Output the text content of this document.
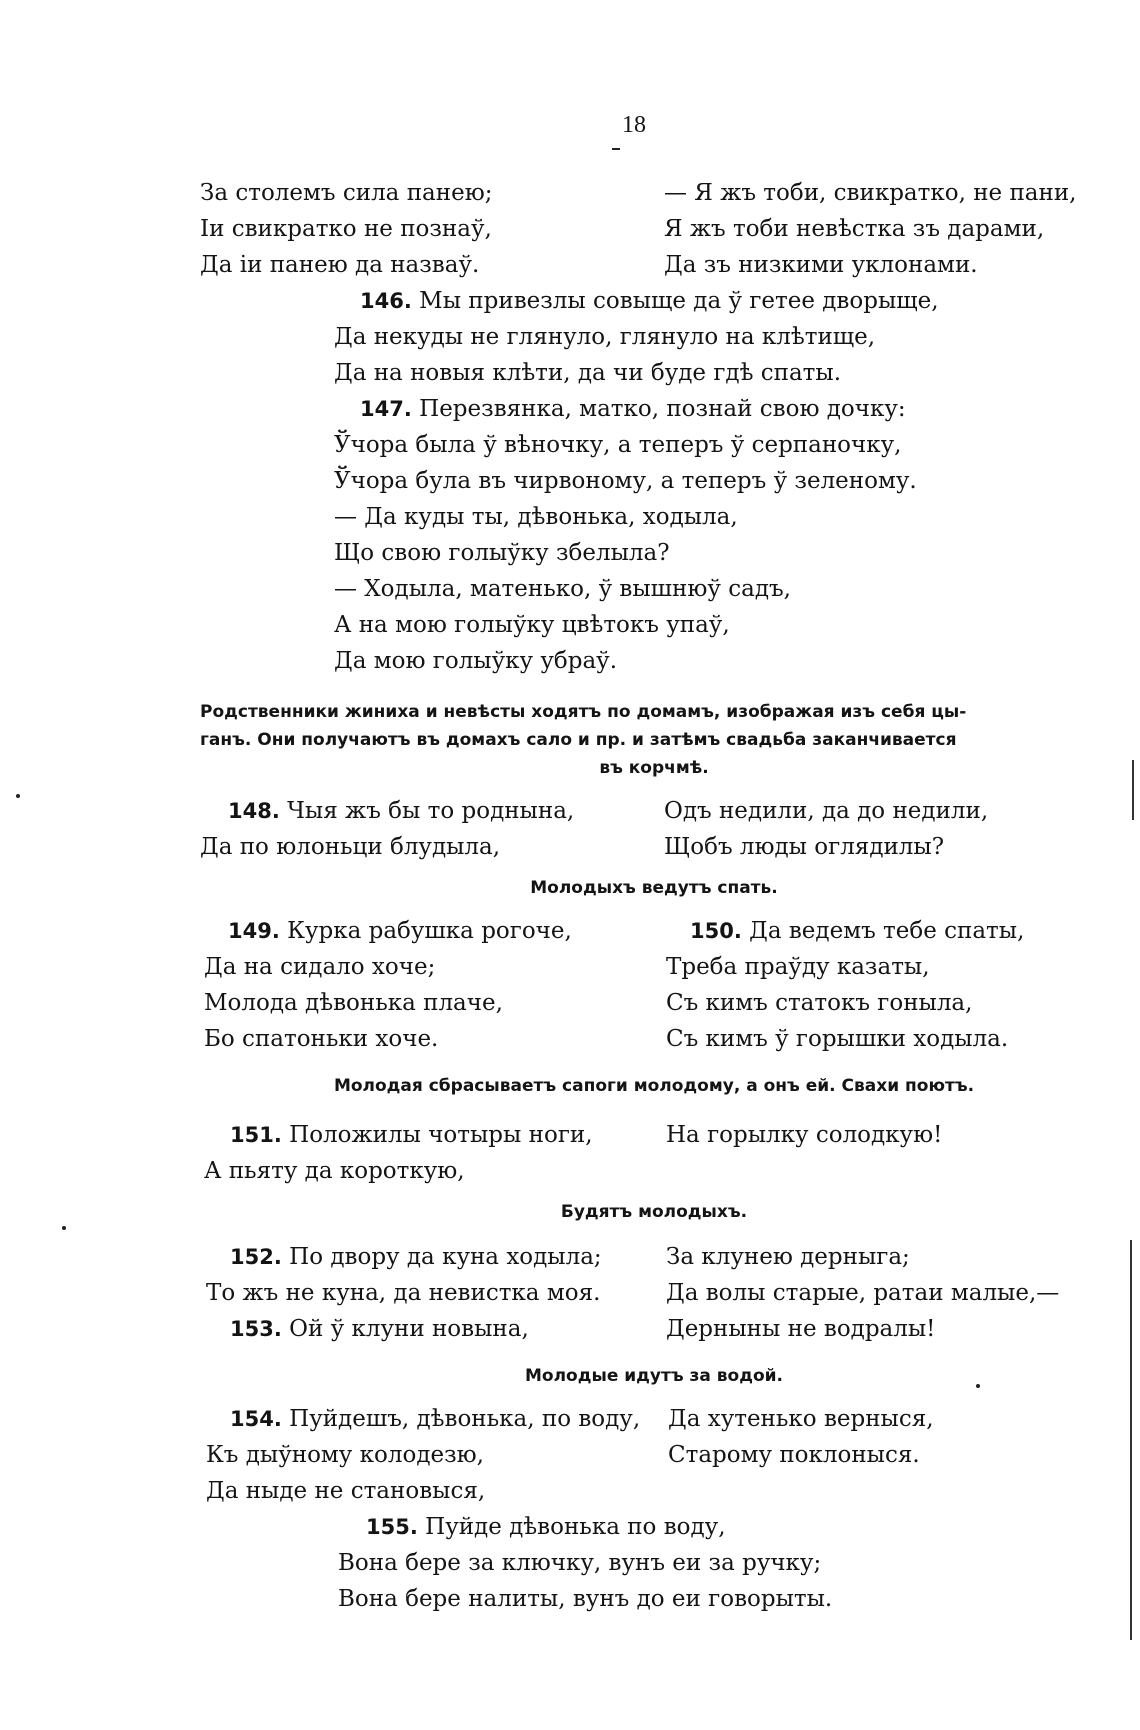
18
За столемъ сила панею;
Іи свикратко не познаў,
Да іи панею да назваў.
— Я жъ тоби, свикратко, не пани,
Я жъ тоби невѣстка зъ дарами,
Да зъ низкими уклонами.
146. Мы привезлы совыще да ў гетее дворыще,
Да некуды не глянуло, глянуло на клѣтище,
Да на новыя клѣти, да чи буде гдѣ спаты.
147. Перезвянка, матко, познай свою дочку:
Ўчора была ў вѣночку, а теперъ ў серпаночку,
Ўчора була въ чирвоному, а теперъ ў зеленому.
— Да куды ты, дѣвонька, ходыла,
Що свою голыўку збелыла?
— Ходыла, матенько, ў вышнюў садъ,
А на мою голыўку цвѣтокъ упаў,
Да мою голыўку убраў.
Родственники жиниха и невѣсты ходятъ по домамъ, изображая изъ себя цы-
ганъ. Они получаютъ въ домахъ сало и пр. и затѣмъ свадьба заканчивается
въ корчмѣ.
148. Чыя жъ бы то роднына,
Да по юлоньци блудыла,
Одъ недили, да до недили,
Щобъ люды оглядилы?
Молодыхъ ведутъ спать.
149. Курка рабушка рогоче,
Да на сидало хоче;
Молода дѣвонька плаче,
Бо спатоньки хоче.
150. Да ведемъ тебе спаты,
Треба праўду казаты,
Съ кимъ статокъ гоныла,
Съ кимъ ў горышки ходыла.
Молодая сбрасываетъ сапоги молодому, а онъ ей. Свахи поютъ.
151. Положилы чотыры ноги,
А пьяту да короткую,
На горылку солодкую!
Будятъ молодыхъ.
152. По двору да куна ходыла;
То жъ не куна, да невистка моя.
153. Ой ў клуни новына,
За клунею дерныга;
Да волы старые, ратаи малые,—
Дерныны не водралы!
Молодые идутъ за водой.
154. Пуйдешъ, дѣвонька, по воду,
Къ дыўному колодезю,
Да ныде не становыся,
Да хутенько верныся,
Старому поклоныся.
155. Пуйде дѣвонька по воду,
Вона бере за ключку, вунъ еи за ручку;
Вона бере налиты, вунъ до еи говорыты.
